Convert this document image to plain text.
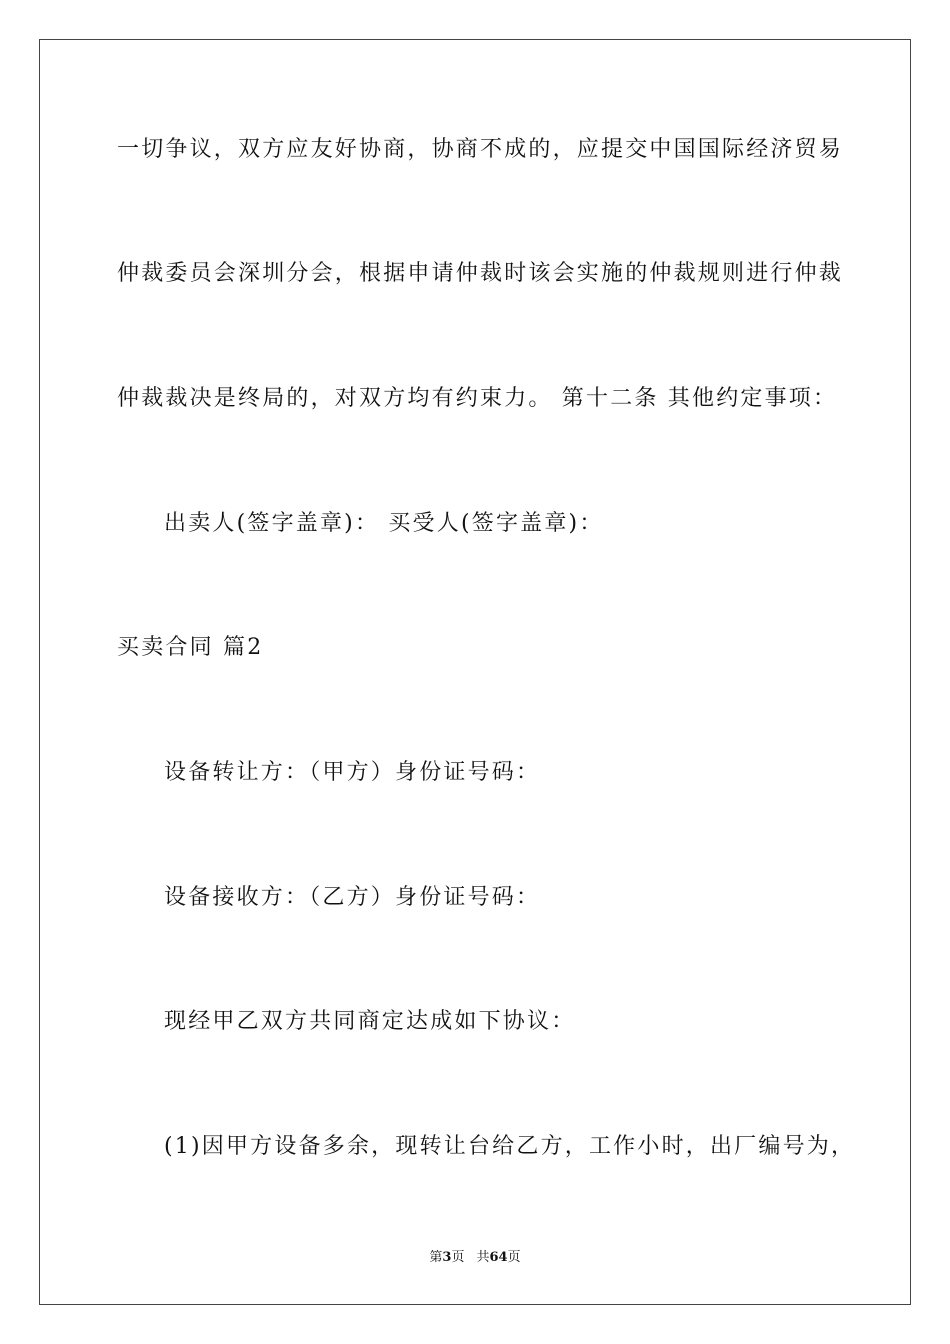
一切争议，双方应友好协商，协商不成的，应提交中国国际经济贸易
仲裁委员会深圳分会，根据申请仲裁时该会实施的仲裁规则进行仲裁
仲裁裁决是终局的，对双方均有约束力。 第十二条 其他约定事项：
出卖人(签字盖章)： 买受人(签字盖章)：
买卖合同 篇2
设备转让方：（甲方）身份证号码：
设备接收方：（乙方）身份证号码：
现经甲乙双方共同商定达成如下协议：
(1)因甲方设备多余，现转让台给乙方，工作小时，出厂编号为，
第3页 共64页
